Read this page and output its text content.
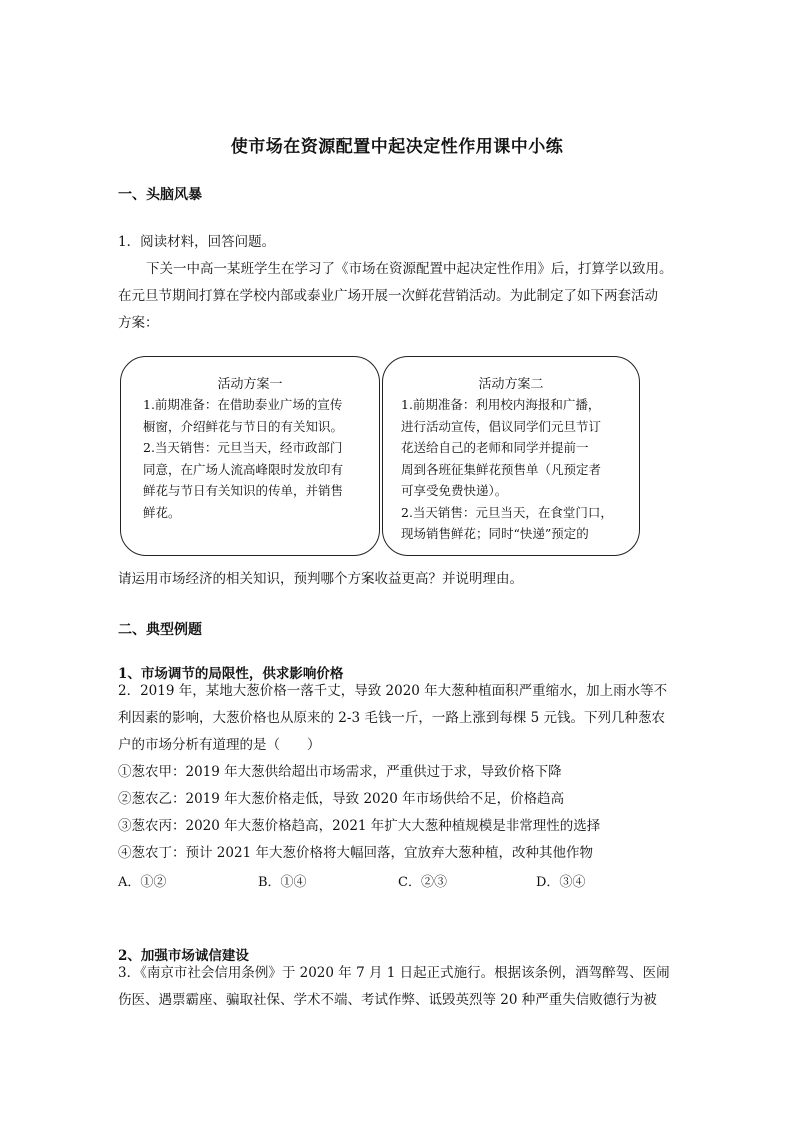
使市场在资源配置中起决定性作用课中小练
一、头脑风暴
1．阅读材料，回答问题。
下关一中高一某班学生在学习了《市场在资源配置中起决定性作用》后，打算学以致用。
在元旦节期间打算在学校内部或泰业广场开展一次鲜花营销活动。为此制定了如下两套活动
方案：
活动方案一
1.前期准备：在借助泰业广场的宣传
橱窗，介绍鲜花与节日的有关知识。
2.当天销售：元旦当天，经市政部门
同意，在广场人流高峰限时发放印有
鲜花与节日有关知识的传单，并销售
鲜花。
活动方案二
1.前期准备：利用校内海报和广播，
进行活动宣传，倡议同学们元旦节订
花送给自己的老师和同学并提前一
周到各班征集鲜花预售单（凡预定者
可享受免费快递）。
2.当天销售：元旦当天，在食堂门口，
现场销售鲜花；同时“快递”预定的
请运用市场经济的相关知识，预判哪个方案收益更高？并说明理由。
二、典型例题
1、市场调节的局限性，供求影响价格
2．2019 年，某地大葱价格一落千丈，导致 2020 年大葱种植面积严重缩水，加上雨水等不
利因素的影响，大葱价格也从原来的 2-3 毛钱一斤，一路上涨到每棵 5 元钱。下列几种葱农
户的市场分析有道理的是（　　）
①葱农甲：2019 年大葱供给超出市场需求，严重供过于求，导致价格下降
②葱农乙：2019 年大葱价格走低，导致 2020 年市场供给不足，价格趋高
③葱农丙：2020 年大葱价格趋高，2021 年扩大大葱种植规模是非常理性的选择
④葱农丁：预计 2021 年大葱价格将大幅回落，宜放弃大葱种植，改种其他作物
A．①②	B．①④	C．②③	D．③④
2、加强市场诚信建设
3．《南京市社会信用条例》于 2020 年 7 月 1 日起正式施行。根据该条例，酒驾醉驾、医闹
伤医、遇票霸座、骗取社保、学术不端、考试作弊、诋毁英烈等 20 种严重失信败德行为被
